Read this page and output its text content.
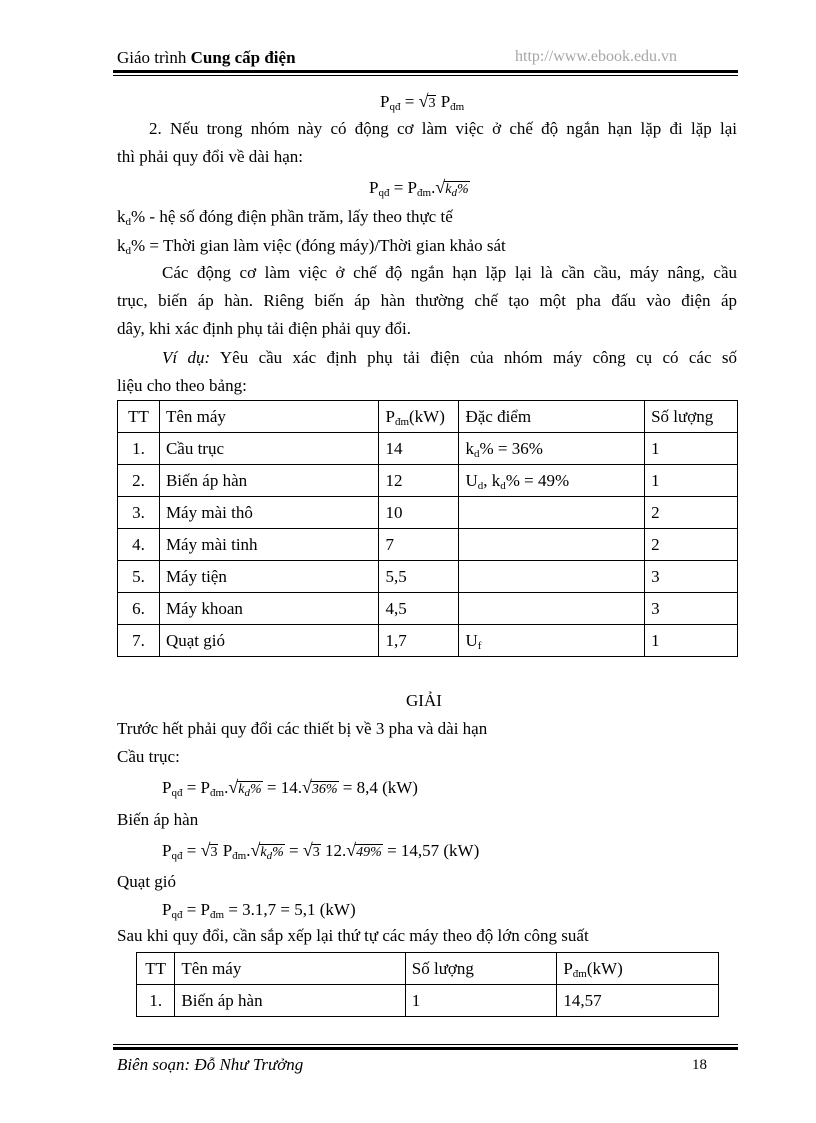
Giáo trình Cung cấp điện	http://www.ebook.edu.vn
$P_{qđ} = √3$ $P_{đm}$
2. Nếu trong nhóm này có động cơ làm việc ở chế độ ngắn hạn lặp đi lặp lại
thì phải quy đổi về dài hạn:
$P_{qđ} = P_{đm}.√k_d\%$
$k_d\%$ - hệ số đóng điện phần trăm, lấy theo thực tế
$k_d\%$ = Thời gian làm việc (đóng máy)/Thời gian khảo sát
Các động cơ làm việc ở chế độ ngắn hạn lặp lại là cần cầu, máy nâng, cầu
trục, biến áp hàn. Riêng biến áp hàn thường chế tạo một pha đấu vào điện áp
dây, khi xác định phụ tải điện phải quy đổi.
Ví dụ: Yêu cầu xác định phụ tải điện của nhóm máy công cụ có các số
liệu cho theo bảng:
TT	Tên máy	$P_{đm}(kW)$	Đặc điểm	Số lượng
1.	Cầu trục	14	$k_d\% = 36\%$	1
2.	Biến áp hàn	12	$U_d$, $k_d\% = 49\%$	1
3.	Máy mài thô	10		2
4.	Máy mài tinh	7		2
5.	Máy tiện	5,5		3
6.	Máy khoan	4,5		3
7.	Quạt gió	1,7	$U_f$	1
GIẢI
Trước hết phải quy đổi các thiết bị về 3 pha và dài hạn
Cầu trục:
$P_{qđ} = P_{đm}.√k_d\% = 14.√36\% = 8,4$ (kW)
Biến áp hàn
$P_{qđ} = √3$ $P_{đm}.√k_d\% = √3$ 12.√49% = 14,57 (kW)
Quạt gió
$P_{qđ} = P_{đm} = 3.1,7 = 5,1$ (kW)
Sau khi quy đổi, cần sắp xếp lại thứ tự các máy theo độ lớn công suất
TT	Tên máy	Số lượng	$P_{đm}(kW)$
1.	Biến áp hàn	1	14,57
Biên soạn: Đỗ Như Trưởng	18
